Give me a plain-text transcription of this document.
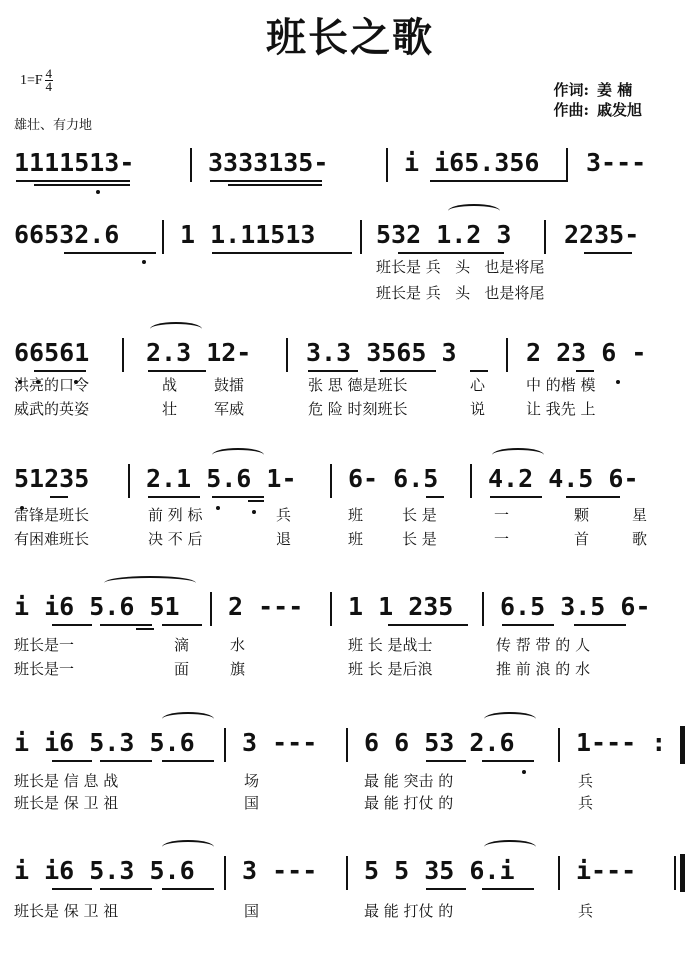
班长之歌
1=F 4
4
雄壮、有力地
作词: 姜 楠
作曲: 戚发旭
1111513-	3333135-	i i65.356 3---
66532.6 1 1.11513 532 1.2 3 2235-
班长是 兵   头   也是将尾
班长是 兵   头   也是将尾
66561 2.3 12- 3.3 3565 3	2 23 6 -
洪亮的口令	战 鼓擂	张 思 德是班长	心	中 的楷 模
威武的英姿	壮 军威	危 险 时刻班长	说	让 我先 上
51235 2.1 5.6 1- 6- 6.5 4.2 4.5 6-
雷锋是班长	前 列 标	兵	班	长 是	一	颗	星
有困难班长	决 不 后	退	班	长 是	一	首	歌
i i6 5.6 51 2 --- 1 1 235 6.5 3.5 6-
班长是一	滴	水	班 长 是战士	传 帮 带 的 人
班长是一	面	旗	班 长 是后浪	推 前 浪 的 水
i i6 5.3 5.6 3 --- 6 6 53 2.6 1--- :
班长是 信 息 战	场	最 能 突击 的	兵
班长是 保 卫 祖	国	最 能 打仗 的	兵
i i6 5.3 5.6 3 --- 5 5 35 6.i i---
班长是 保 卫 祖	国	最 能 打仗 的	兵
